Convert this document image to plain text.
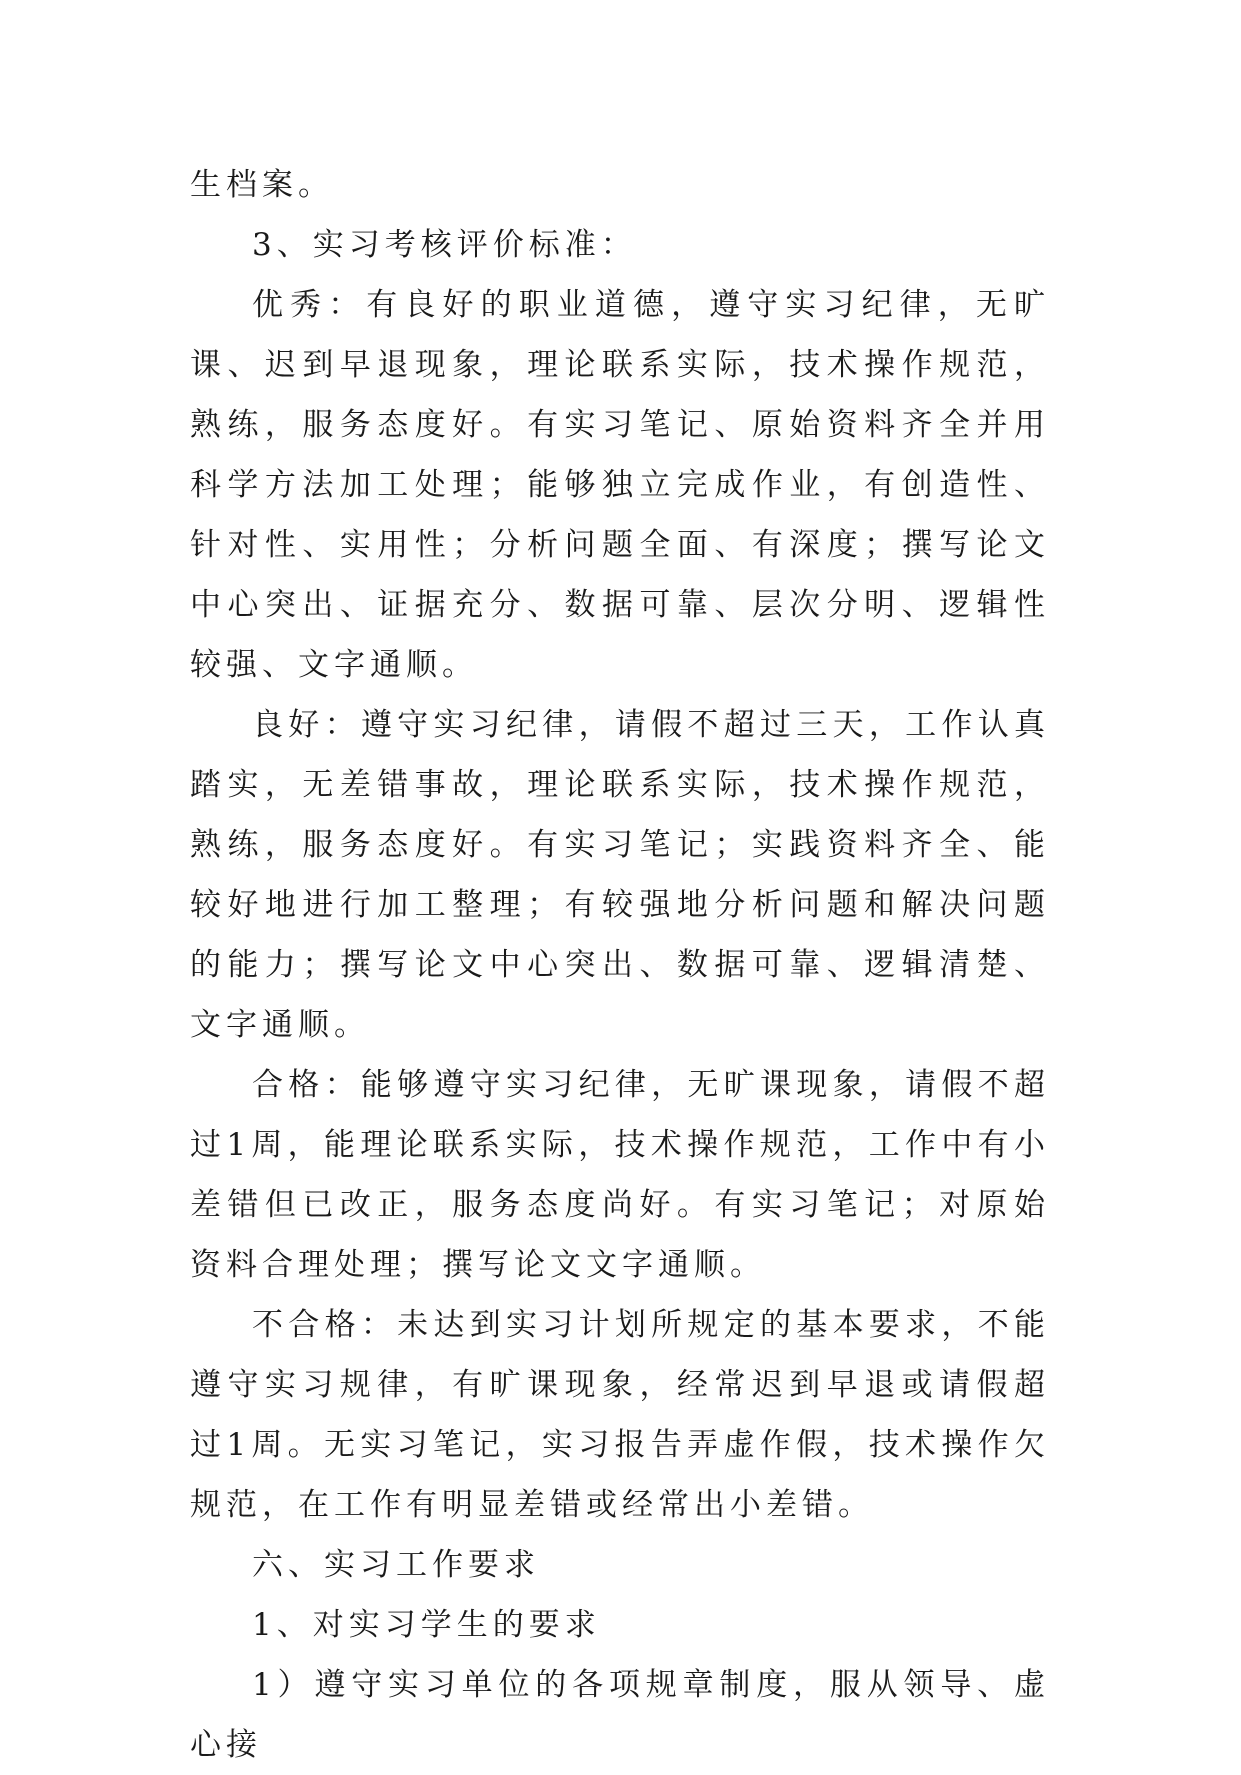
生档案。

3、实习考核评价标准：

优秀：有良好的职业道德，遵守实习纪律，无旷课、迟到早退现象，理论联系实际，技术操作规范，熟练，服务态度好。有实习笔记、原始资料齐全并用科学方法加工处理；能够独立完成作业，有创造性、针对性、实用性；分析问题全面、有深度；撰写论文中心突出、证据充分、数据可靠、层次分明、逻辑性较强、文字通顺。

良好：遵守实习纪律，请假不超过三天，工作认真踏实，无差错事故，理论联系实际，技术操作规范，熟练，服务态度好。有实习笔记；实践资料齐全、能较好地进行加工整理；有较强地分析问题和解决问题的能力；撰写论文中心突出、数据可靠、逻辑清楚、文字通顺。

合格：能够遵守实习纪律，无旷课现象，请假不超过1周，能理论联系实际，技术操作规范，工作中有小差错但已改正，服务态度尚好。有实习笔记；对原始资料合理处理；撰写论文文字通顺。

不合格：未达到实习计划所规定的基本要求，不能遵守实习规律，有旷课现象，经常迟到早退或请假超过1周。无实习笔记，实习报告弄虚作假，技术操作欠规范，在工作有明显差错或经常出小差错。

六、实习工作要求

1、对实习学生的要求

1）遵守实习单位的各项规章制度，服从领导、虚心接
